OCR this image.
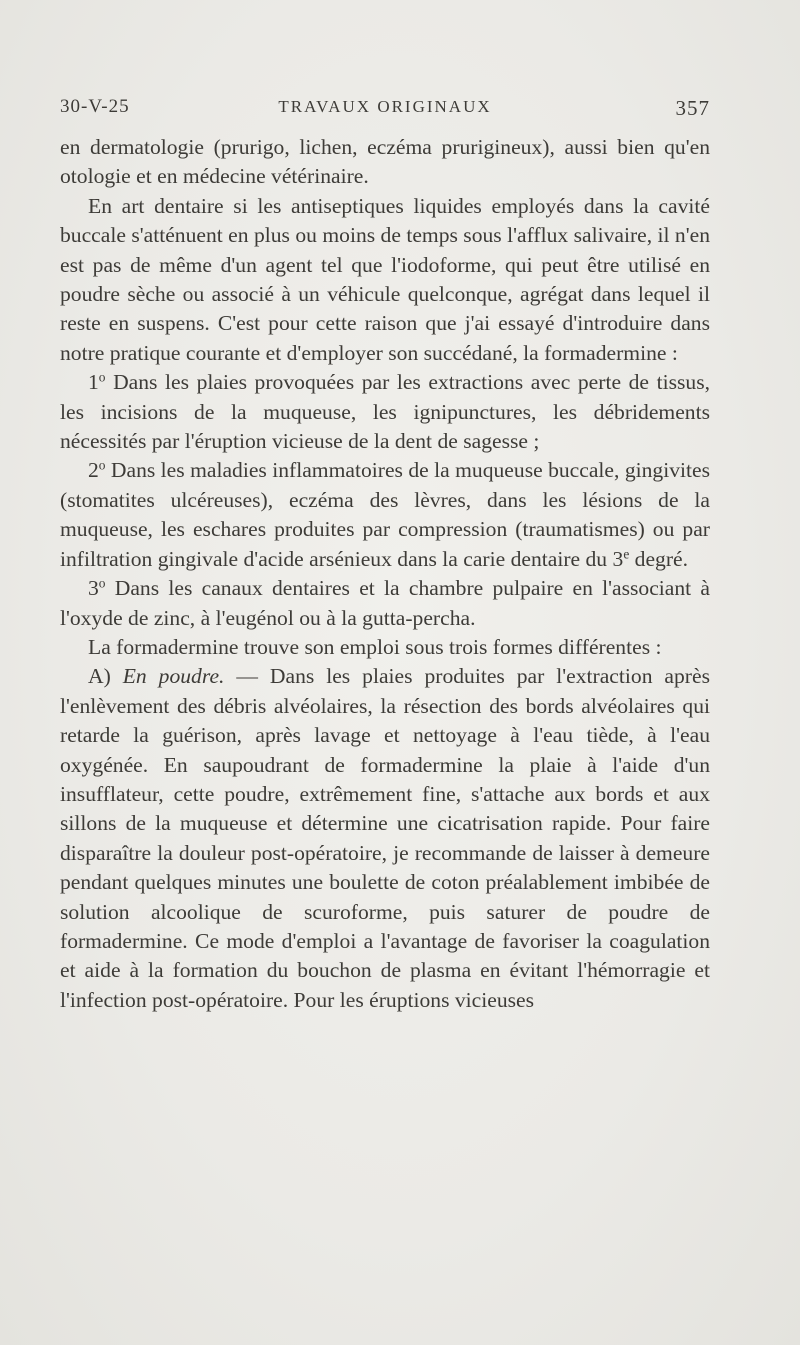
30-V-25	TRAVAUX ORIGINAUX	357

en dermatologie (prurigo, lichen, eczéma prurigineux), aussi bien qu'en otologie et en médecine vétérinaire.

En art dentaire si les antiseptiques liquides employés dans la cavité buccale s'atténuent en plus ou moins de temps sous l'afflux salivaire, il n'en est pas de même d'un agent tel que l'iodoforme, qui peut être utilisé en poudre sèche ou associé à un véhicule quelconque, agrégat dans lequel il reste en suspens. C'est pour cette raison que j'ai essayé d'introduire dans notre pratique courante et d'employer son succédané, la formadermine :

1$^o$ Dans les plaies provoquées par les extractions avec perte de tissus, les incisions de la muqueuse, les ignipunctures, les débridements nécessités par l'éruption vicieuse de la dent de sagesse ;

2$^o$ Dans les maladies inflammatoires de la muqueuse buccale, gingivites (stomatites ulcéreuses), eczéma des lèvres, dans les lésions de la muqueuse, les eschares produites par compression (traumatismes) ou par infiltration gingivale d'acide arsénieux dans la carie dentaire du 3e degré.

3$^o$ Dans les canaux dentaires et la chambre pulpaire en l'associant à l'oxyde de zinc, à l'eugénol ou à la gutta-percha.

La formadermine trouve son emploi sous trois formes différentes :

A) En poudre. — Dans les plaies produites par l'extraction après l'enlèvement des débris alvéolaires, la résection des bords alvéolaires qui retarde la guérison, après lavage et nettoyage à l'eau tiède, à l'eau oxygénée. En saupoudrant de formadermine la plaie à l'aide d'un insufflateur, cette poudre, extrêmement fine, s'attache aux bords et aux sillons de la muqueuse et détermine une cicatrisation rapide. Pour faire disparaître la douleur post-opératoire, je recommande de laisser à demeure pendant quelques minutes une boulette de coton préalablement imbibée de solution alcoolique de scuroforme, puis saturer de poudre de formadermine. Ce mode d'emploi a l'avantage de favoriser la coagulation et aide à la formation du bouchon de plasma en évitant l'hémorragie et l'infection post-opératoire. Pour les éruptions vicieuses
